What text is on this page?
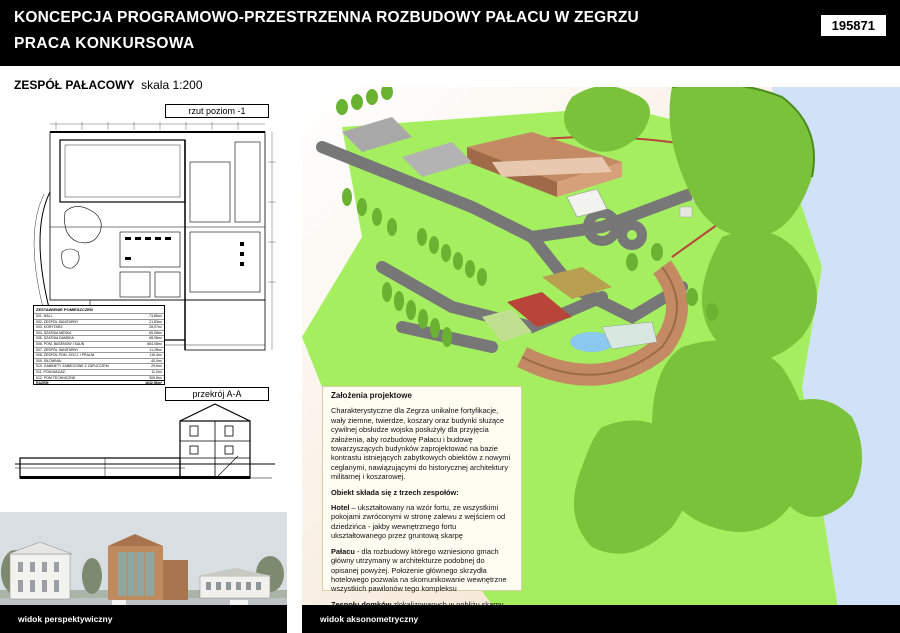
KONCEPCJA PROGRAMOWO-PRZESTRZENNA ROZBUDOWY PAŁACU W ZEGRZU
PRACA KONKURSOWA
195871
ZESPÓŁ PAŁACOWY skala 1:200
rzut poziom -1
ZESTAWIENIE POMIESZCZEŃ
001. HALL	73,86m²
002. ZESPÓŁ SANITARNY	21,83m²
003. KORYTARZ	26,07m²
004. SZATNIA MĘSKA	65,08m²
005. SZATNIA DAMSKA	65,08m²
006. POM. BASENOW I SAUN	664,08m²
007. ZESPÓŁ SANITARNY	11,28m²
008. ZESPÓŁ POM. SOCJ. I PRALNI	115,4m²
009. SIŁOWNIA	40,0m²
010. GABINETY ZABIEGOWE Z ZAPLECZEM	29,6m²
011. POM.MAGAZ.	11,0m²
012. POM.TECHNICZNE	309,5m²
RAZEM	1642,56m²
przekrój A-A
widok perspektywiczny	widok aksonometryczny
Założenia projektowe

Charakterystyczne dla Zegrza unikalne fortyfikacje, wały ziemne, twierdze, koszary oraz budynki służące cywilnej obsłudze wojska posłużyły dla przyjęcia założenia, aby rozbudowę Pałacu i budowę towarzyszących budynków zaprojektować na bazie kontrastu istniejących zabytkowych obiektów z nowymi ceglanymi, nawiązującymi do historycznej architektury militarnej i koszarowej.

Obiekt składa się z trzech zespołów:

Hotel – ukształtowany na wzór fortu, ze wszystkimi pokojami zwróconymi w stronę zalewu z wejściem od dziedzińca - jakby wewnętrznego fortu ukształtowanego przez gruntową skarpę

Pałacu - dla rozbudowy którego wzniesiono gmach główny utrzymany w architekturze podobnej do opisanej powyżej. Położenie głównego skrzydła hotelowego pozwala na skomunikowanie wewnętrzne wszystkich pawilonów tego kompleksu

Zespołu domków zlokalizowanych w pobliżu skarpy.
